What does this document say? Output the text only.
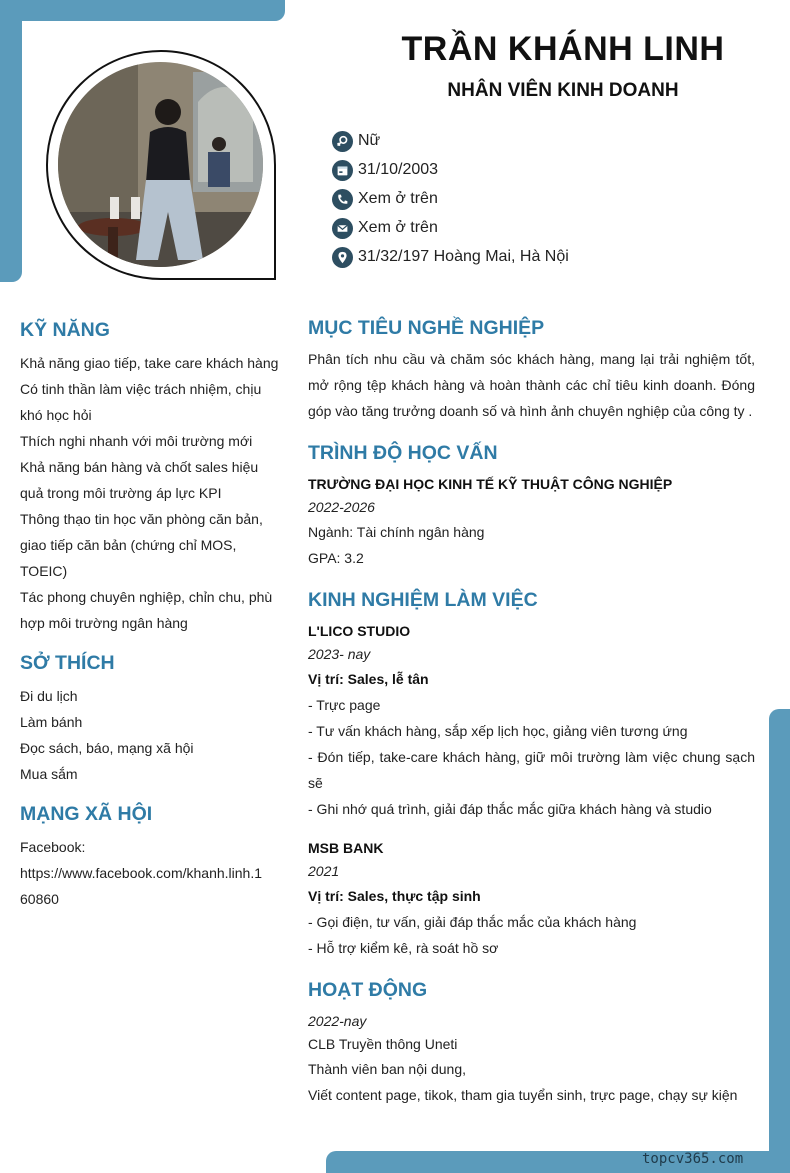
TRẦN KHÁNH LINH
NHÂN VIÊN KINH DOANH
Nữ
31/10/2003
Xem ở trên
Xem ở trên
31/32/197 Hoàng Mai, Hà Nội
KỸ NĂNG
Khả năng giao tiếp, take care khách hàng
Có tinh thần làm việc trách nhiệm, chịu
khó học hỏi
Thích nghi nhanh với môi trường mới
Khả năng bán hàng và chốt sales hiệu
quả trong môi trường áp lực KPI
Thông thạo tin học văn phòng căn bản,
giao tiếp căn bản (chứng chỉ MOS,
TOEIC)
Tác phong chuyên nghiệp, chỉn chu, phù
hợp môi trường ngân hàng
SỞ THÍCH
Đi du lịch
Làm bánh
Đọc sách, báo, mạng xã hội
Mua sắm
MẠNG XÃ HỘI
Facebook:
https://www.facebook.com/khanh.linh.1
60860
MỤC TIÊU NGHỀ NGHIỆP
Phân tích nhu cầu và chăm sóc khách hàng, mang lại trải nghiệm tốt, mở rộng tệp khách hàng và hoàn thành các chỉ tiêu kinh doanh. Đóng góp vào tăng trưởng doanh số và hình ảnh chuyên nghiệp của công ty .
TRÌNH ĐỘ HỌC VẤN
TRƯỜNG ĐẠI HỌC KINH TẾ KỸ THUẬT CÔNG NGHIỆP
2022-2026
Ngành: Tài chính ngân hàng
GPA: 3.2
KINH NGHIỆM LÀM VIỆC
L'LICO STUDIO
2023- nay
Vị trí: Sales, lễ tân
- Trực page
- Tư vấn khách hàng, sắp xếp lịch học, giảng viên tương ứng
- Đón tiếp, take-care khách hàng, giữ môi trường làm việc chung sạch sẽ
- Ghi nhớ quá trình, giải đáp thắc mắc giữa khách hàng và studio
MSB BANK
2021
Vị trí: Sales, thực tập sinh
- Gọi điện, tư vấn, giải đáp thắc mắc của khách hàng
- Hỗ trợ kiểm kê, rà soát hồ sơ
HOẠT ĐỘNG
2022-nay
CLB Truyền thông Uneti
Thành viên ban nội dung,
Viết content page, tikok, tham gia tuyển sinh, trực page, chạy sự kiện
topcv365.com
